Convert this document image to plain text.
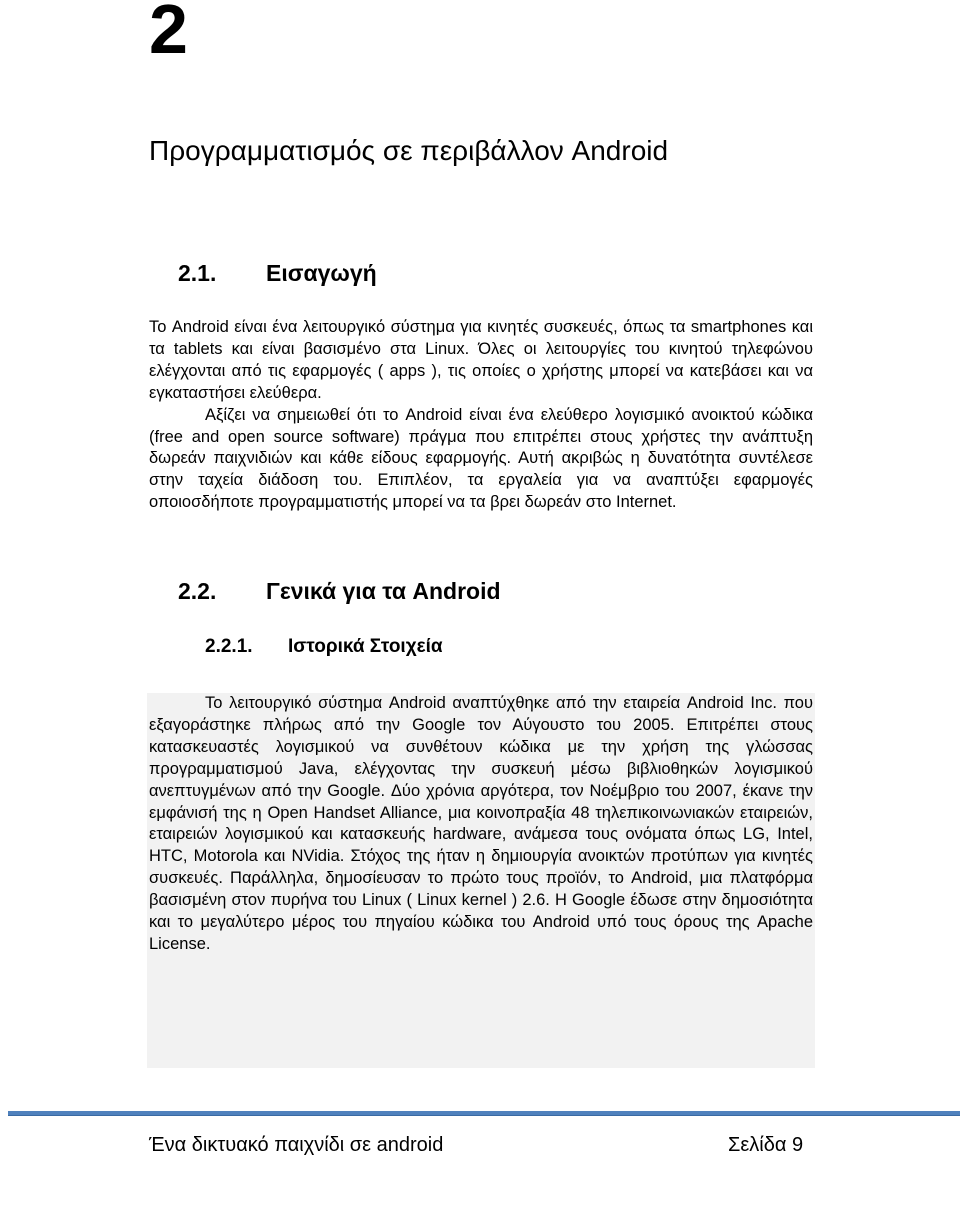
2
Προγραμματισμός σε περιβάλλον Android
2.1. Εισαγωγή

Το Android είναι ένα λειτουργικό σύστημα για κινητές συσκευές, όπως τα smartphones και τα tablets και είναι βασισμένο στα Linux. Όλες οι λειτουργίες του κινητού τηλεφώνου ελέγχονται από τις εφαρμογές ( apps ), τις οποίες ο χρήστης μπορεί να κατεβάσει και να εγκαταστήσει ελεύθερα.

Αξίζει να σημειωθεί ότι το Android είναι ένα ελεύθερο λογισμικό ανοικτού κώδικα (free and open source software) πράγμα που επιτρέπει στους χρήστες την ανάπτυξη δωρεάν παιχνιδιών και κάθε είδους εφαρμογής. Αυτή ακριβώς η δυνατότητα συντέλεσε στην ταχεία διάδοση του. Επιπλέον, τα εργαλεία για να αναπτύξει εφαρμογές οποιοσδήποτε προγραμματιστής μπορεί να τα βρει δωρεάν στο Internet.

2.2. Γενικά για τα Android
2.2.1. Ιστορικά Στοιχεία

Το λειτουργικό σύστημα Android αναπτύχθηκε από την εταιρεία Android Inc. που εξαγοράστηκε πλήρως από την Google τον Αύγουστο του 2005. Επιτρέπει στους κατασκευαστές λογισμικού να συνθέτουν κώδικα με την χρήση της γλώσσας προγραμματισμού Java, ελέγχοντας την συσκευή μέσω βιβλιοθηκών λογισμικού ανεπτυγμένων από την Google. Δύο χρόνια αργότερα, τον Νοέμβριο του 2007, έκανε την εμφάνισή της η Open Handset Alliance, μια κοινοπραξία 48 τηλεπικοινωνιακών εταιρειών, εταιρειών λογισμικού και κατασκευής hardware, ανάμεσα τους ονόματα όπως LG, Intel, HTC, Motorola και NVidia. Στόχος της ήταν η δημιουργία ανοικτών προτύπων για κινητές συσκευές. Παράλληλα, δημοσίευσαν το πρώτο τους προϊόν, το Android, μια πλατφόρμα βασισμένη στον πυρήνα του Linux ( Linux kernel ) 2.6. Η Google έδωσε στην δημοσιότητα και το μεγαλύτερο μέρος του πηγαίου κώδικα του Android υπό τους όρους της Apache License.

Ένα δικτυακό παιχνίδι σε android	Σελίδα 9
